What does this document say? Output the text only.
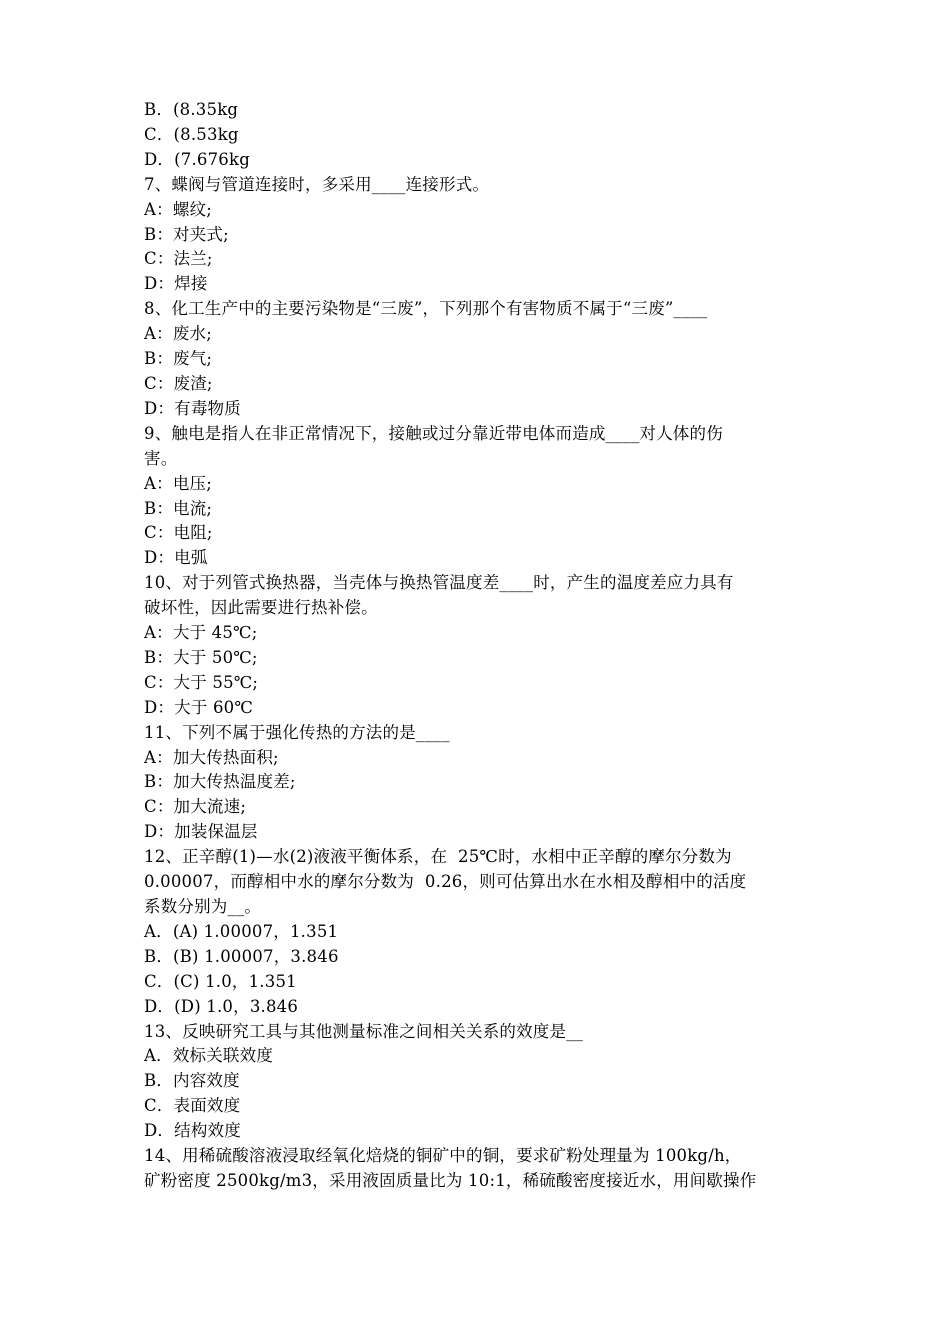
B．(8.35kg
C．(8.53kg
D．(7.676kg
7、蝶阀与管道连接时，多采用____连接形式。
A：螺纹;
B：对夹式;
C：法兰;
D：焊接
8、化工生产中的主要污染物是“三废”，下列那个有害物质不属于“三废”____
A：废水;
B：废气;
C：废渣;
D：有毒物质
9、触电是指人在非正常情况下，接触或过分靠近带电体而造成____对人体的伤
害。
A：电压;
B：电流;
C：电阻;
D：电弧
10、对于列管式换热器，当壳体与换热管温度差____时，产生的温度差应力具有
破坏性，因此需要进行热补偿。
A：大于 45℃;
B：大于 50℃;
C：大于 55℃;
D：大于 60℃
11、下列不属于强化传热的方法的是____
A：加大传热面积;
B：加大传热温度差;
C：加大流速;
D：加装保温层
12、正辛醇(1)—水(2)液液平衡体系，在  25℃时，水相中正辛醇的摩尔分数为
0.00007，而醇相中水的摩尔分数为  0.26，则可估算出水在水相及醇相中的活度
系数分别为__。
A．(A) 1.00007，1.351
B．(B) 1.00007，3.846
C．(C) 1.0，1.351
D．(D) 1.0，3.846
13、反映研究工具与其他测量标准之间相关关系的效度是__
A．效标关联效度
B．内容效度
C．表面效度
D．结构效度
14、用稀硫酸溶液浸取经氧化焙烧的铜矿中的铜，要求矿粉处理量为 100kg/h，
矿粉密度 2500kg/m3，采用液固质量比为 10:1，稀硫酸密度接近水，用间歇操作
